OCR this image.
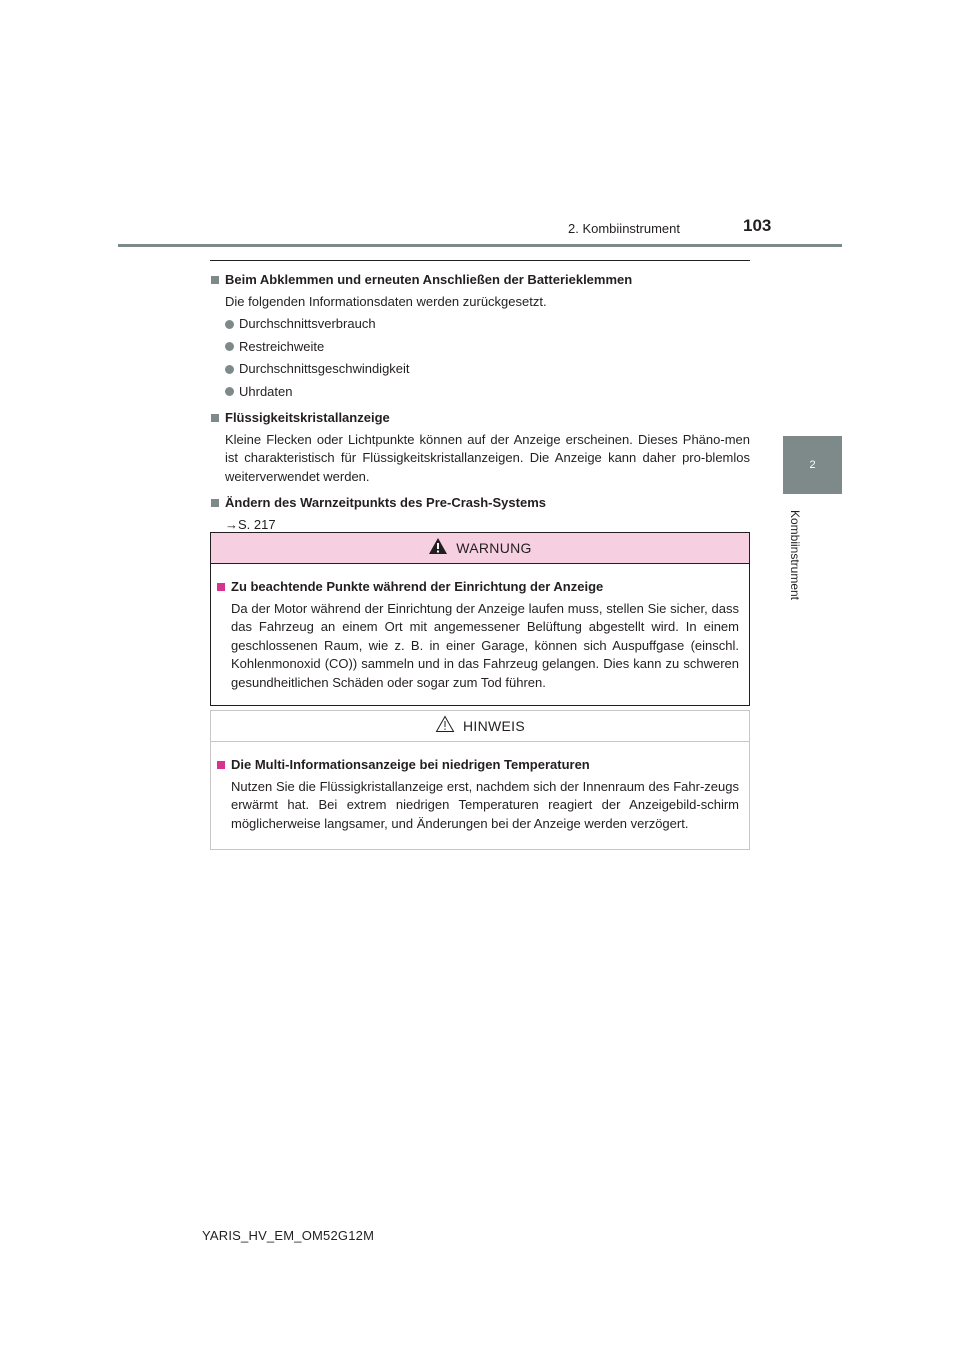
2. Kombiinstrument	103
2
Kombiinstrument
Beim Abklemmen und erneuten Anschließen der Batterieklemmen
Die folgenden Informationsdaten werden zurückgesetzt.
Durchschnittsverbrauch
Restreichweite
Durchschnittsgeschwindigkeit
Uhrdaten
Flüssigkeitskristallanzeige
Kleine Flecken oder Lichtpunkte können auf der Anzeige erscheinen. Dieses Phäno-men ist charakteristisch für Flüssigkeitskristallanzeigen. Die Anzeige kann daher pro-blemlos weiterverwendet werden.
Ändern des Warnzeitpunkts des Pre-Crash-Systems
→S. 217
WARNUNG
Zu beachtende Punkte während der Einrichtung der Anzeige
Da der Motor während der Einrichtung der Anzeige laufen muss, stellen Sie sicher, dass das Fahrzeug an einem Ort mit angemessener Belüftung abgestellt wird. In einem geschlossenen Raum, wie z. B. in einer Garage, können sich Auspuffgase (einschl. Kohlenmonoxid (CO)) sammeln und in das Fahrzeug gelangen. Dies kann zu schweren gesundheitlichen Schäden oder sogar zum Tod führen.
HINWEIS
Die Multi-Informationsanzeige bei niedrigen Temperaturen
Nutzen Sie die Flüssigkristallanzeige erst, nachdem sich der Innenraum des Fahr-zeugs erwärmt hat. Bei extrem niedrigen Temperaturen reagiert der Anzeigebild-schirm möglicherweise langsamer, und Änderungen bei der Anzeige werden verzögert.
YARIS_HV_EM_OM52G12M
